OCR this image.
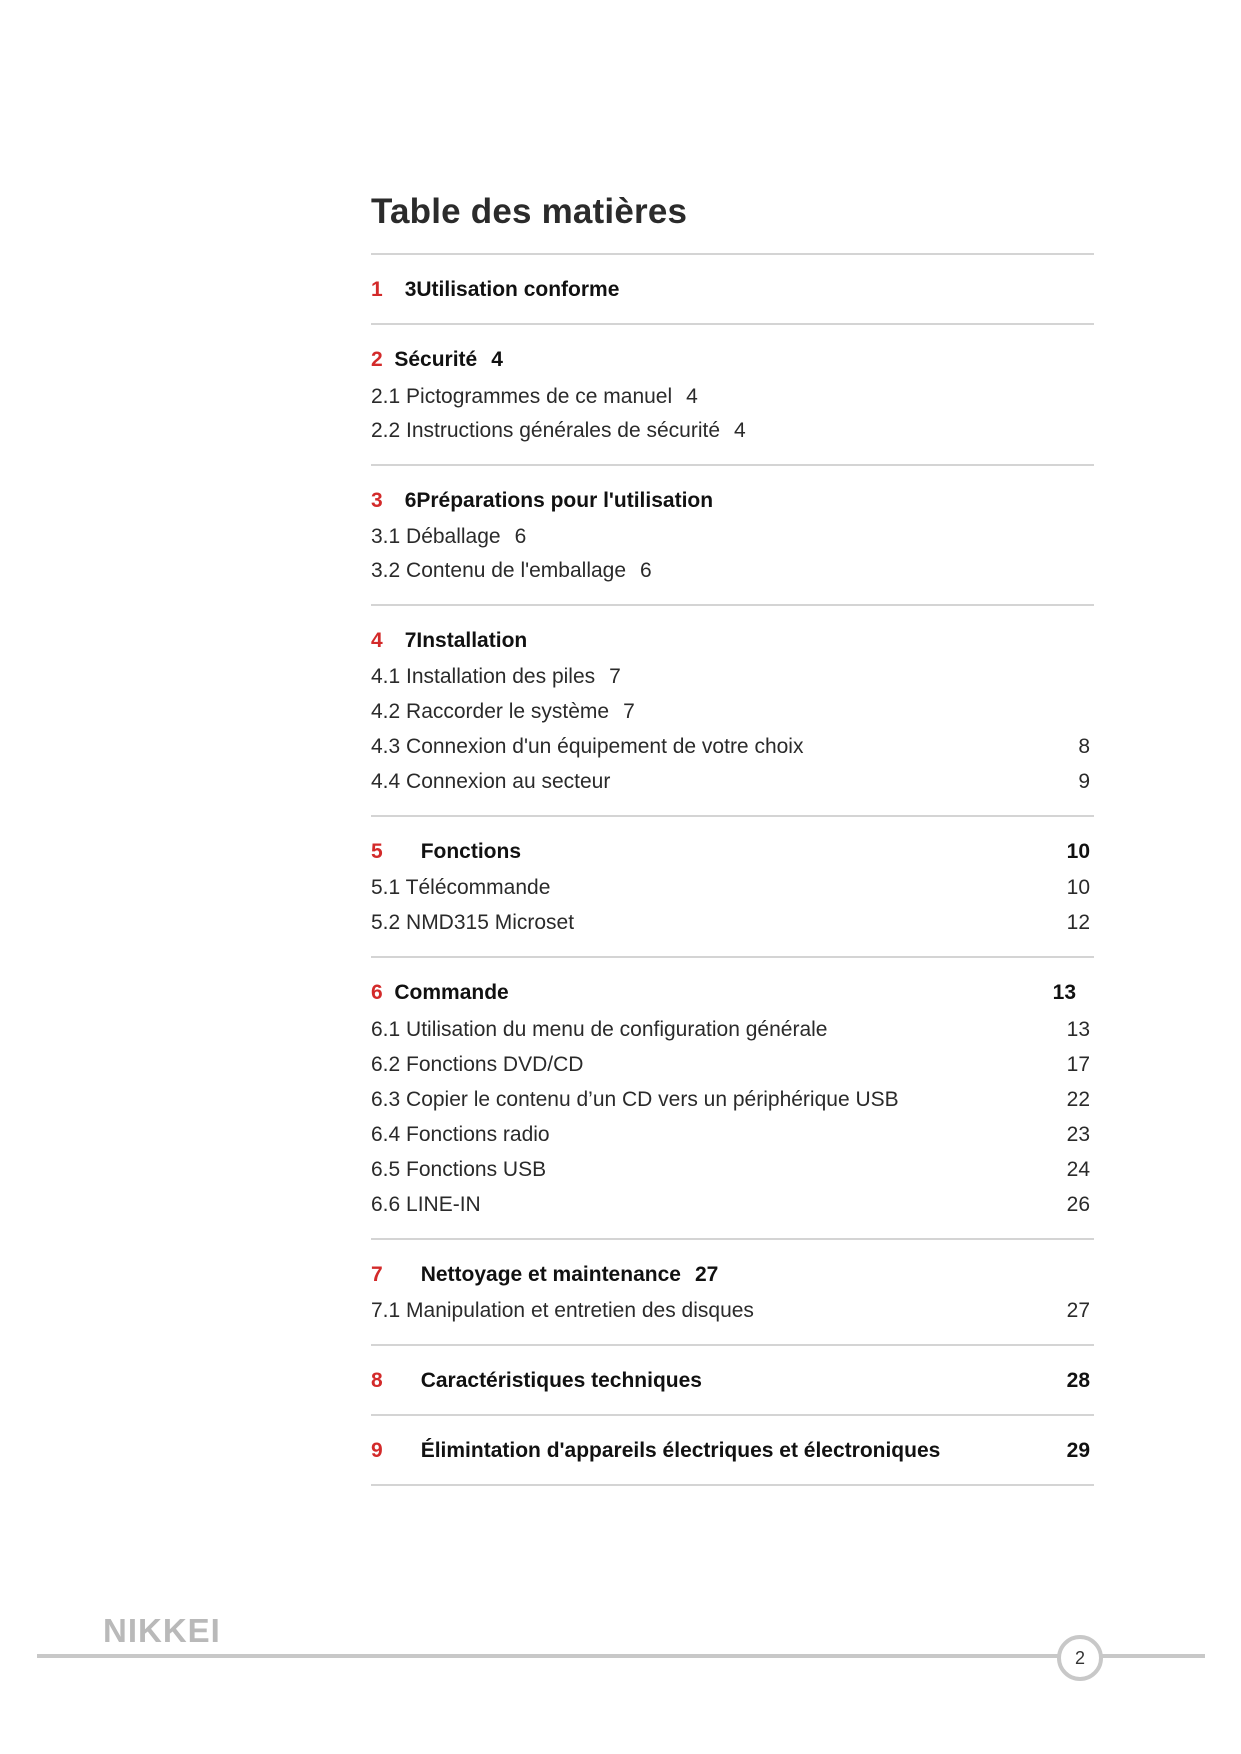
Table des matières
1 3Utilisation conforme
2 Sécurité 4
2.1 Pictogrammes de ce manuel 4
2.2 Instructions générales de sécurité 4
3 6Préparations pour l'utilisation
3.1 Déballage 6
3.2 Contenu de l'emballage 6
4 7Installation
4.1 Installation des piles 7
4.2 Raccorder le système 7
4.3 Connexion d'un équipement de votre choix	8
4.4 Connexion au secteur	9
5 Fonctions	10
5.1 Télécommande	10
5.2 NMD315 Microset	12
6 Commande	13
6.1 Utilisation du menu de configuration générale	13
6.2 Fonctions DVD/CD	17
6.3 Copier le contenu d’un CD vers un périphérique USB	22
6.4 Fonctions radio	23
6.5 Fonctions USB	24
6.6 LINE-IN	26
7 Nettoyage et maintenance 27
7.1 Manipulation et entretien des disques	27
8 Caractéristiques techniques	28
9 Élimintation d'appareils électriques et électroniques	29
NIKKEI
2
